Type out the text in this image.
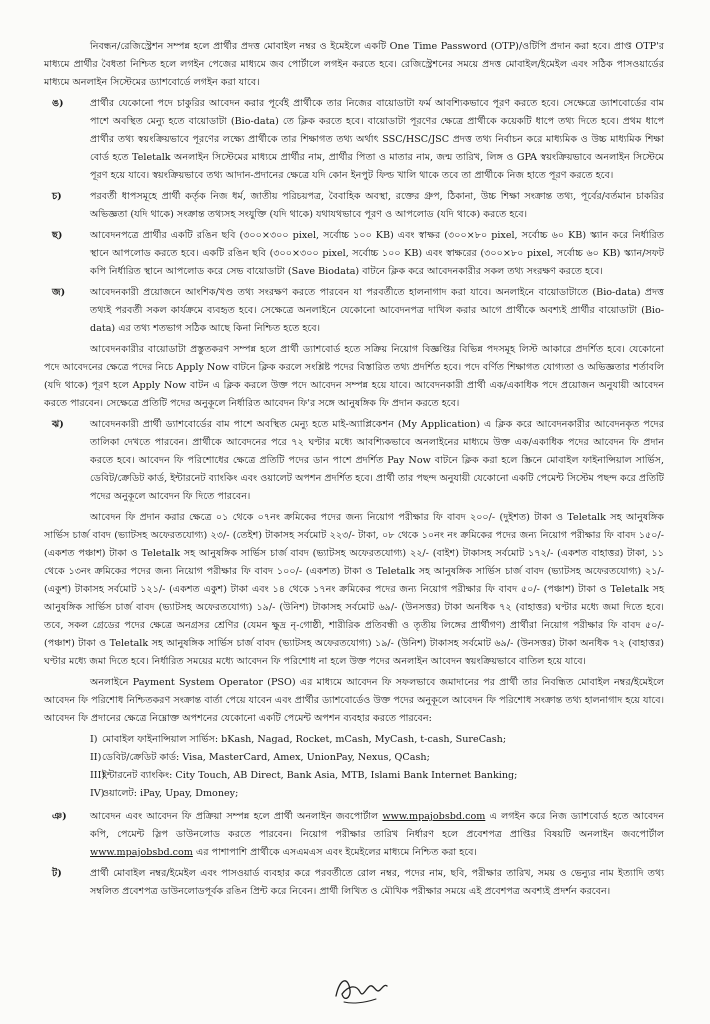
নিবন্ধন/রেজিস্ট্রেশন সম্পন্ন হলে প্রার্থীর প্রদত্ত মোবাইল নম্বর ও ইমেইলে একটি One Time Password (OTP)/ওটিপি প্রদান করা হবে। প্রাপ্ত OTP'র মাধ্যমে প্রার্থীর বৈধতা নিশ্চিত হলে লগইন পেজের মাধ্যমে জব পোর্টালে লগইন করতে হবে। রেজিস্ট্রেশনের সময়ে প্রদত্ত মোবাইল/ইমেইল এবং সঠিক পাসওয়ার্ডের মাধ্যমে অনলাইন সিস্টেমের ড্যাশবোর্ডে লগইন করা যাবে।

ঙ)	প্রার্থীর যেকোনো পদে চাকুরির আবেদন করার পূর্বেই প্রার্থীকে তার নিজের বায়োডাটা ফর্ম আবশ্যিকভাবে পূরণ করতে হবে। সেক্ষেত্রে ড্যাশবোর্ডের বাম পাশে অবস্থিত মেন্যু হতে বায়োডাটা (Bio-data) তে ক্লিক করতে হবে। বায়োডাটা পূরণের ক্ষেত্রে প্রার্থীকে কয়েকটি ধাপে তথ্য দিতে হবে। প্রথম ধাপে প্রার্থীর তথ্য স্বয়ংক্রিয়ভাবে পূরণের লক্ষ্যে প্রার্থীকে তার শিক্ষাগত তথ্য অর্থাৎ SSC/HSC/JSC প্রদত্ত তথ্য নির্বাচন করে মাধ্যমিক ও উচ্চ মাধ্যমিক শিক্ষা বোর্ড হতে Teletalk অনলাইন সিস্টেমের মাধ্যমে প্রার্থীর নাম, প্রার্থীর পিতা ও মাতার নাম, জন্ম তারিখ, লিঙ্গ ও GPA স্বয়ংক্রিয়ভাবে অনলাইন সিস্টেমে পূরণ হয়ে যাবে। স্বয়ংক্রিয়ভাবে তথ্য আদান-প্রদানের ক্ষেত্রে যদি কোন ইনপুট ফিল্ড খালি থাকে তবে তা প্রার্থীকে নিজ হাতে পূরণ করতে হবে।

চ)	পরবর্তী ধাপসমূহে প্রার্থী কর্তৃক নিজ ধর্ম, জাতীয় পরিচয়পত্র, বৈবাহিক অবস্থা, রক্তের গ্রুপ, ঠিকানা, উচ্চ শিক্ষা সংক্রান্ত তথ্য, পূর্বের/বর্তমান চাকরির অভিজ্ঞতা (যদি থাকে) সংক্রান্ত তথ্যসহ সংযুক্তি (যদি থাকে) যথাযথভাবে পূরণ ও আপলোড (যদি থাকে) করতে হবে।

ছ)	আবেদনপত্রে প্রার্থীর একটি রঙিন ছবি (৩০০×৩০০ pixel, সর্বোচ্চ ১০০ KB) এবং স্বাক্ষর (৩০০×৮০ pixel, সর্বোচ্চ ৬০ KB) স্ক্যান করে নির্ধারিত স্থানে আপলোড করতে হবে। একটি রঙিন ছবি (৩০০×৩০০ pixel, সর্বোচ্চ ১০০ KB) এবং স্বাক্ষরের (৩০০×৮০ pixel, সর্বোচ্চ ৬০ KB) স্ক্যান/সফট কপি নির্ধারিত স্থানে আপলোড করে সেভ বায়োডাটা (Save Biodata) বাটনে ক্লিক করে আবেদনকারীর সকল তথ্য সংরক্ষণ করতে হবে।

জ)	আবেদনকারী প্রয়োজনে আংশিক/খণ্ড তথ্য সংরক্ষণ করতে পারবেন যা পরবর্তীতে হালনাগাদ করা যাবে। অনলাইনে বায়োডাটাতে (Bio-data) প্রদত্ত তথ্যই পরবর্তী সকল কার্যক্রমে ব্যবহৃত হবে। সেক্ষেত্রে অনলাইনে যেকোনো আবেদনপত্র দাখিল করার আগে প্রার্থীকে অবশ্যই প্রার্থীর বায়োডাটা (Bio-data) এর তথ্য শতভাগ সঠিক আছে কিনা নিশ্চিত হতে হবে।

আবেদনকারীর বায়োডাটা প্রস্তুতকরণ সম্পন্ন হলে প্রার্থী ড্যাশবোর্ড হতে সক্রিয় নিয়োগ বিজ্ঞপ্তির বিভিন্ন পদসমূহ লিস্ট আকারে প্রদর্শিত হবে। যেকোনো পদে আবেদনের ক্ষেত্রে পদের নিচে Apply Now বাটনে ক্লিক করলে সংশ্লিষ্ট পদের বিস্তারিত তথ্য প্রদর্শিত হবে। পদে বর্ণিত শিক্ষাগত যোগ্যতা ও অভিজ্ঞতার শর্তাবলি (যদি থাকে) পূরণ হলে Apply Now বাটন এ ক্লিক করলে উক্ত পদে আবেদন সম্পন্ন হয়ে যাবে। আবেদনকারী প্রার্থী এক/একাধিক পদে প্রয়োজন অনুযায়ী আবেদন করতে পারবেন। সেক্ষেত্রে প্রতিটি পদের অনুকূলে নির্ধারিত আবেদন ফি'র সঙ্গে আনুষঙ্গিক ফি প্রদান করতে হবে।

ঝ)	আবেদনকারী প্রার্থী ড্যাশবোর্ডের বাম পাশে অবস্থিত মেন্যু হতে মাই-অ্যাপ্লিকেশন (My Application) এ ক্লিক করে আবেদনকারীর আবেদনকৃত পদের তালিকা দেখতে পারবেন। প্রার্থীকে আবেদনের পরে ৭২ ঘণ্টার মধ্যে আবশ্যিকভাবে অনলাইনের মাধ্যমে উক্ত এক/একাধিক পদের আবেদন ফি প্রদান করতে হবে। আবেদন ফি পরিশোধের ক্ষেত্রে প্রতিটি পদের ডান পাশে প্রদর্শিত Pay Now বাটনে ক্লিক করা হলে স্ক্রিনে মোবাইল ফাইনান্সিয়াল সার্ভিস, ডেবিট/ক্রেডিট কার্ড, ইন্টারনেট ব্যাংকিং এবং ওয়ালেট অপশন প্রদর্শিত হবে। প্রার্থী তার পছন্দ অনুযায়ী যেকোনো একটি পেমেন্ট সিস্টেম পছন্দ করে প্রতিটি পদের অনুকূলে আবেদন ফি দিতে পারবেন।

আবেদন ফি প্রদান করার ক্ষেত্রে ০১ থেকে ০৭নং ক্রমিকের পদের জন্য নিয়োগ পরীক্ষার ফি বাবদ ২০০/- (দুইশত) টাকা ও Teletalk সহ আনুষঙ্গিক সার্ভিস চার্জ বাবদ (ভ্যাটসহ অফেরতযোগ্য) ২৩/- (তেইশ) টাকাসহ সর্বমোট ২২৩/- টাকা, ০৮ থেকে ১০নং নং ক্রমিকের পদের জন্য নিয়োগ পরীক্ষার ফি বাবদ ১৫০/- (একশত পঞ্চাশ) টাকা ও Teletalk সহ আনুষঙ্গিক সার্ভিস চার্জ বাবদ (ভ্যাটসহ অফেরতযোগ্য) ২২/- (বাইশ) টাকাসহ সর্বমোট ১৭২/- (একশত বাহাত্তর) টাকা, ১১ থেকে ১৩নং ক্রমিকের পদের জন্য নিয়োগ পরীক্ষার ফি বাবদ ১০০/- (একশত) টাকা ও Teletalk সহ আনুষঙ্গিক সার্ভিস চার্জ বাবদ (ভ্যাটসহ অফেরতযোগ্য) ২১/- (একুশ) টাকাসহ সর্বমোট ১২১/- (একশত একুশ) টাকা এবং ১৪ থেকে ১৭নং ক্রমিকের পদের জন্য নিয়োগ পরীক্ষার ফি বাবদ ৫০/- (পঞ্চাশ) টাকা ও Teletalk সহ আনুষঙ্গিক সার্ভিস চার্জ বাবদ (ভ্যাটসহ অফেরতযোগ্য) ১৯/- (উনিশ) টাকাসহ সর্বমোট ৬৯/- (উনসত্তর) টাকা অনধিক ৭২ (বাহাত্তর) ঘণ্টার মধ্যে জমা দিতে হবে। তবে, সকল গ্রেডের পদের ক্ষেত্রে অনগ্রসর শ্রেণির (যেমন ক্ষুদ্র নৃ-গোষ্ঠী, শারীরিক প্রতিবন্ধী ও তৃতীয় লিঙ্গের প্রার্থীগণ) প্রার্থীরা নিয়োগ পরীক্ষার ফি বাবদ ৫০/- (পঞ্চাশ) টাকা ও Teletalk সহ আনুষঙ্গিক সার্ভিস চার্জ বাবদ (ভ্যাটসহ অফেরতযোগ্য) ১৯/- (উনিশ) টাকাসহ সর্বমোট ৬৯/- (উনসত্তর) টাকা অনধিক ৭২ (বাহাত্তর) ঘণ্টার মধ্যে জমা দিতে হবে। নির্ধারিত সময়ের মধ্যে আবেদন ফি পরিশোধ না হলে উক্ত পদের অনলাইন আবেদন স্বয়ংক্রিয়ভাবে বাতিল হয়ে যাবে।

অনলাইনে Payment System Operator (PSO) এর মাধ্যমে আবেদন ফি সফলভাবে জমাদানের পর প্রার্থী তার নিবন্ধিত মোবাইল নম্বর/ইমেইলে আবেদন ফি পরিশোধ নিশ্চিতকরণ সংক্রান্ত বার্তা পেয়ে যাবেন এবং প্রার্থীর ড্যাশবোর্ডেও উক্ত পদের অনুকূলে আবেদন ফি পরিশোধ সংক্রান্ত তথ্য হালনাগাদ হয়ে যাবে। আবেদন ফি প্রদানের ক্ষেত্রে নিম্নোক্ত অপশনের যেকোনো একটি পেমেন্ট অপশন ব্যবহার করতে পারবেন:

I) মোবাইল ফাইনান্সিয়াল সার্ভিস: bKash, Nagad, Rocket, mCash, MyCash, t-cash, SureCash;
II) ডেবিট/ক্রেডিট কার্ড: Visa, MasterCard, Amex, UnionPay, Nexus, QCash;
III)
ইন্টারনেট ব্যাংকিং: City Touch, AB Direct, Bank Asia, MTB, Islami Bank Internet Banking;
IV)
ওয়ালেট: iPay, Upay, Dmoney;

ঞ)	আবেদন এবং আবেদন ফি প্রক্রিয়া সম্পন্ন হলে প্রার্থী অনলাইন জবপোর্টাল www.mpajobsbd.com এ লগইন করে নিজ ড্যাশবোর্ড হতে আবেদন কপি, পেমেন্ট স্লিপ ডাউনলোড করতে পারবেন। নিয়োগ পরীক্ষার তারিখ নির্ধারণ হলে প্রবেশপত্র প্রাপ্তির বিষয়টি অনলাইন জবপোর্টাল www.mpajobsbd.com এর পাশাপাশি প্রার্থীকে এসএমএস এবং ইমেইলের মাধ্যমে নিশ্চিত করা হবে।

ট)	প্রার্থী মোবাইল নম্বর/ইমেইল এবং পাসওয়ার্ড ব্যবহার করে পরবর্তীতে রোল নম্বর, পদের নাম, ছবি, পরীক্ষার তারিখ, সময় ও ভেন্যুর নাম ইত্যাদি তথ্য সম্বলিত প্রবেশপত্র ডাউনলোডপূর্বক রঙিন প্রিন্ট করে নিবেন। প্রার্থী লিখিত ও মৌখিক পরীক্ষার সময়ে এই প্রবেশপত্র অবশ্যই প্রদর্শন করবেন।
